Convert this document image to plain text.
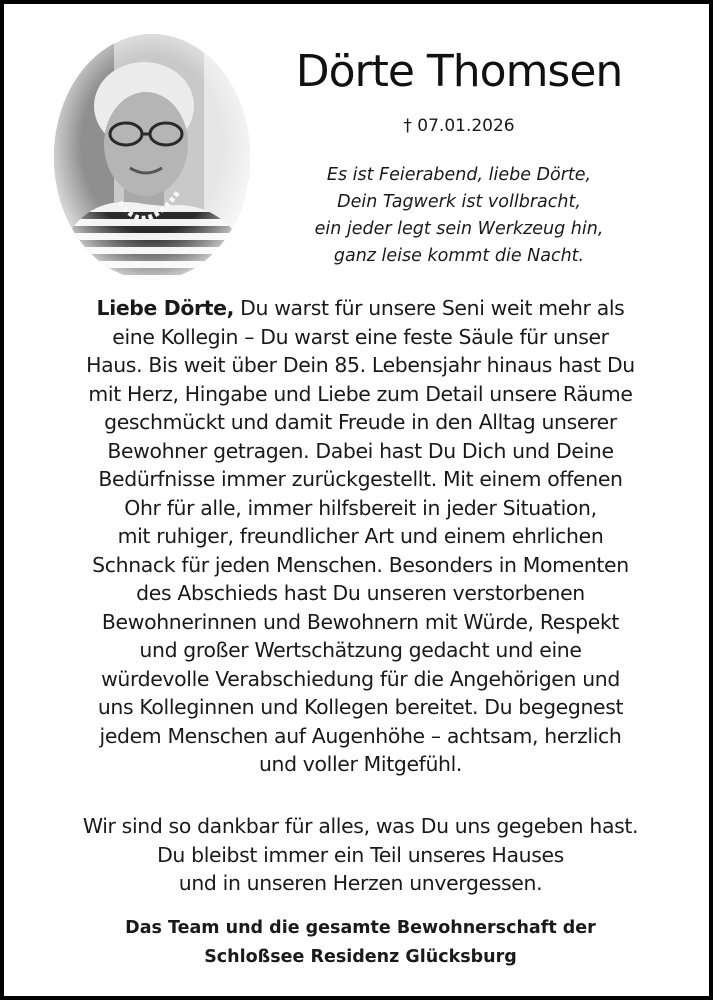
Dörte Thomsen
† 07.01.2026
Es ist Feierabend, liebe Dörte,
Dein Tagwerk ist vollbracht,
ein jeder legt sein Werkzeug hin,
ganz leise kommt die Nacht.
Liebe Dörte, Du warst für unsere Seni weit mehr als
eine Kollegin – Du warst eine feste Säule für unser
Haus. Bis weit über Dein 85. Lebensjahr hinaus hast Du
mit Herz, Hingabe und Liebe zum Detail unsere Räume
geschmückt und damit Freude in den Alltag unserer
Bewohner getragen. Dabei hast Du Dich und Deine
Bedürfnisse immer zurückgestellt. Mit einem offenen
Ohr für alle, immer hilfsbereit in jeder Situation,
mit ruhiger, freundlicher Art und einem ehrlichen
Schnack für jeden Menschen. Besonders in Momenten
des Abschieds hast Du unseren verstorbenen
Bewohnerinnen und Bewohnern mit Würde, Respekt
und großer Wertschätzung gedacht und eine
würdevolle Verabschiedung für die Angehörigen und
uns Kolleginnen und Kollegen bereitet. Du begegnest
jedem Menschen auf Augenhöhe – achtsam, herzlich
und voller Mitgefühl.
Wir sind so dankbar für alles, was Du uns gegeben hast.
Du bleibst immer ein Teil unseres Hauses
und in unseren Herzen unvergessen.
Das Team und die gesamte Bewohnerschaft der
Schloßsee Residenz Glücksburg
